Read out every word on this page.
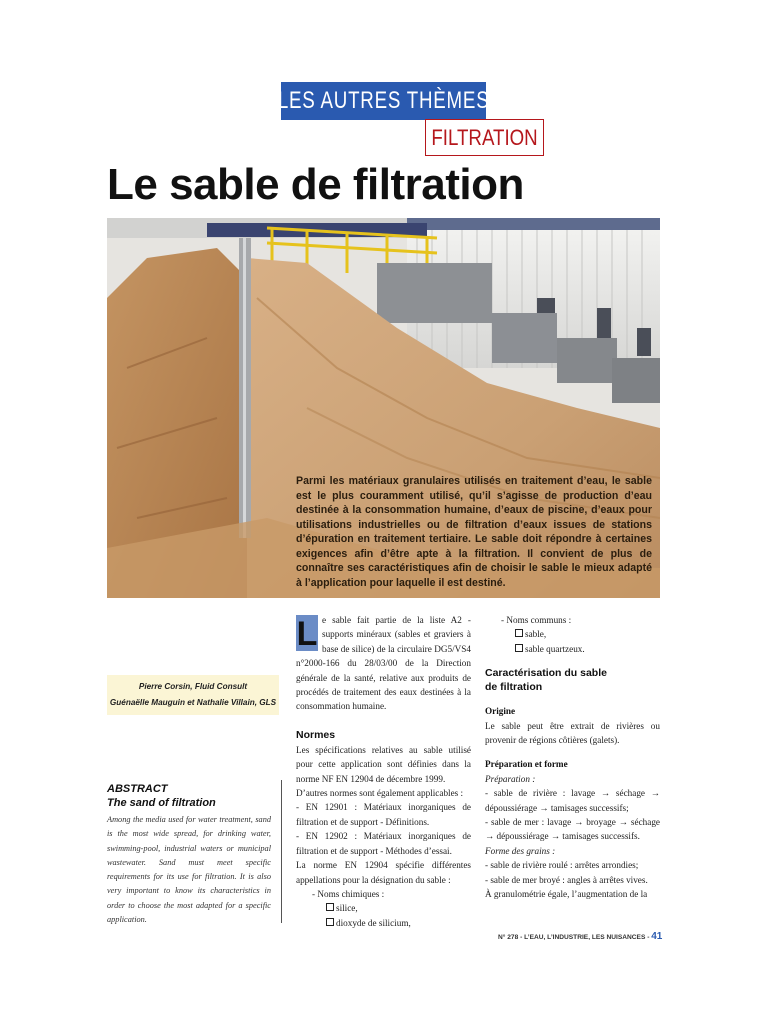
LES AUTRES THÈMES
FILTRATION
Le sable de filtration
Parmi les matériaux granulaires utilisés en traitement d’eau, le sable est le plus couramment utilisé, qu’il s’agisse de production d’eau destinée à la consommation humaine, d’eaux de piscine, d’eaux pour utilisations industrielles ou de filtration d’eaux issues de stations d’épuration en traitement tertiaire. Le sable doit répondre à certaines exigences afin d’être apte à la filtration. Il convient de plus de connaître ses caractéristiques afin de choisir le sable le mieux adapté à l’application pour laquelle il est destiné.
Pierre Corsin, Fluid Consult
Guénaëlle Mauguin et Nathalie Villain, GLS
ABSTRACT
The sand of filtration
Among the media used for water treatment, sand is the most wide spread, for drinking water, swimming-pool, industrial waters or municipal wastewater. Sand must meet specific requirements for its use for filtration. It is also very important to know its characteristics in order to choose the most adapted for a specific application.

L e sable fait partie de la liste A2 - supports minéraux (sables et graviers à base de silice) de la circulaire DG5/VS4 n°2000-166 du 28/03/00 de la Direction générale de la santé, relative aux produits de procédés de traitement des eaux destinées à la consommation humaine.

Normes

Les spécifications relatives au sable utilisé pour cette application sont définies dans la norme NF EN 12904 de décembre 1999.

D’autres normes sont également applicables :

- EN 12901 : Matériaux inorganiques de filtration et de support - Définitions.

- EN 12902 : Matériaux inorganiques de filtration et de support - Méthodes d’essai.

La norme EN 12904 spécifie différentes appellations pour la désignation du sable :

- Noms chimiques :

silice,

dioxyde de silicium,

- Noms communs :

sable,

sable quartzeux.

Caractérisation du sable
de filtration
Origine

Le sable peut être extrait de rivières ou provenir de régions côtières (galets).

Préparation et forme

Préparation :

- sable de rivière : lavage → séchage → dépoussiérage → tamisages successifs;

- sable de mer : lavage → broyage → séchage → dépoussiérage → tamisages successifs.

Forme des grains :

- sable de rivière roulé : arrêtes arrondies;

- sable de mer broyé : angles à arrêtes vives.

À granulométrie égale, l’augmentation de la

N° 278 - L’EAU, L’INDUSTRIE, LES NUISANCES - 41
